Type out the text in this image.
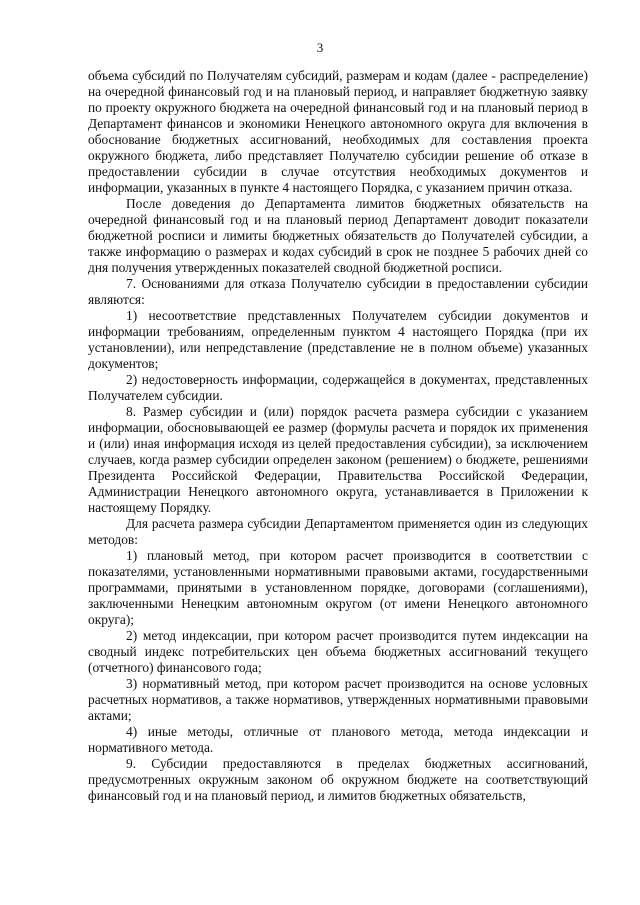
3

объема субсидий по Получателям субсидий, размерам и кодам (далее - распределение) на очередной финансовый год и на плановый период, и направляет бюджетную заявку по проекту окружного бюджета на очередной финансовый год и на плановый период в Департамент финансов и экономики Ненецкого автономного округа для включения в обоснование бюджетных ассигнований, необходимых для составления проекта окружного бюджета, либо представляет Получателю субсидии решение об отказе в предоставлении субсидии в случае отсутствия необходимых документов и информации, указанных в пункте 4 настоящего Порядка, с указанием причин отказа.

После доведения до Департамента лимитов бюджетных обязательств на очередной финансовый год и на плановый период Департамент доводит показатели бюджетной росписи и лимиты бюджетных обязательств до Получателей субсидии, а также информацию о размерах и кодах субсидий в срок не позднее 5 рабочих дней со дня получения утвержденных показателей сводной бюджетной росписи.

7. Основаниями для отказа Получателю субсидии в предоставлении субсидии являются:

1) несоответствие представленных Получателем субсидии документов и информации требованиям, определенным пунктом 4 настоящего Порядка (при их установлении), или непредставление (представление не в полном объеме) указанных документов;

2) недостоверность информации, содержащейся в документах, представленных Получателем субсидии.

8. Размер субсидии и (или) порядок расчета размера субсидии с указанием информации, обосновывающей ее размер (формулы расчета и порядок их применения и (или) иная информация исходя из целей предоставления субсидии), за исключением случаев, когда размер субсидии определен законом (решением) о бюджете, решениями Президента Российской Федерации, Правительства Российской Федерации, Администрации Ненецкого автономного округа, устанавливается в Приложении к настоящему Порядку.

Для расчета размера субсидии Департаментом применяется один из следующих методов:

1) плановый метод, при котором расчет производится в соответствии с показателями, установленными нормативными правовыми актами, государственными программами, принятыми в установленном порядке, договорами (соглашениями), заключенными Ненецким автономным округом (от имени Ненецкого автономного округа);

2) метод индексации, при котором расчет производится путем индексации на сводный индекс потребительских цен объема бюджетных ассигнований текущего (отчетного) финансового года;

3) нормативный метод, при котором расчет производится на основе условных расчетных нормативов, а также нормативов, утвержденных нормативными правовыми актами;

4) иные методы, отличные от планового метода, метода индексации и нормативного метода.

9. Субсидии предоставляются в пределах бюджетных ассигнований, предусмотренных окружным законом об окружном бюджете на соответствующий финансовый год и на плановый период, и лимитов бюджетных обязательств,
